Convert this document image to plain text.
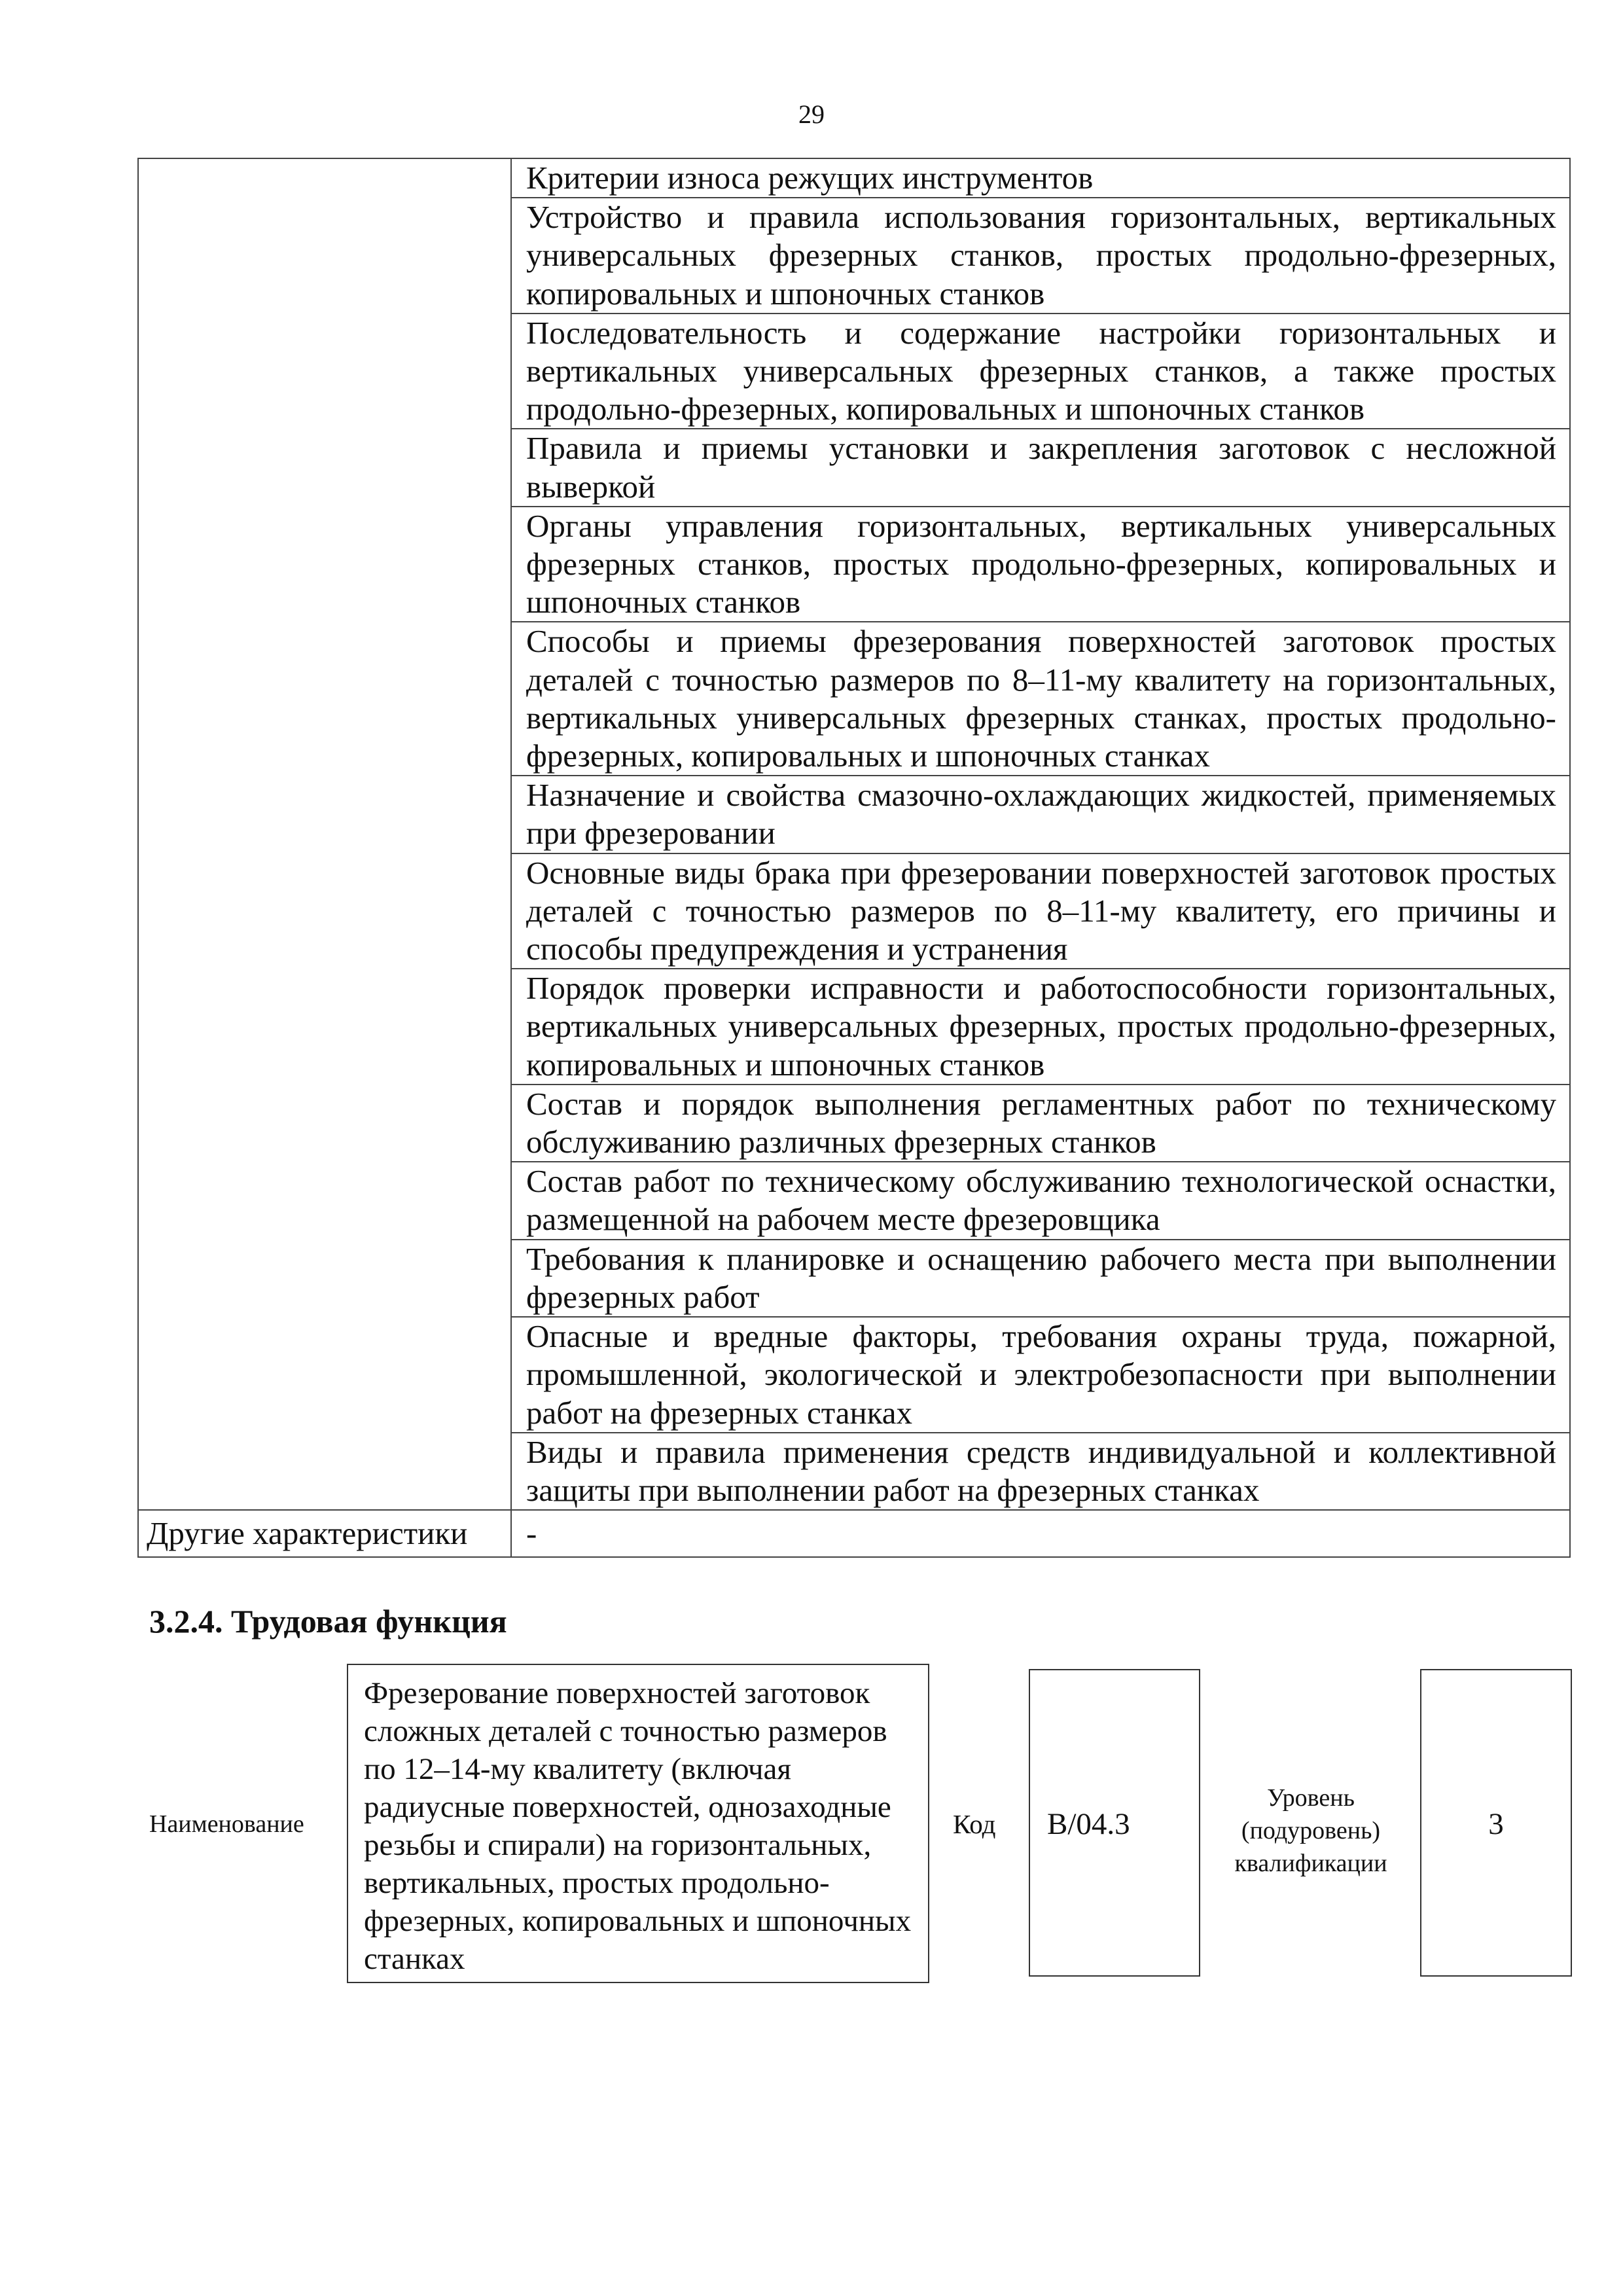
29

	Критерии износа режущих инструментов

	Устройство и правила использования горизонтальных, вертикальных универсальных фрезерных станков, простых продольно-фрезерных, копировальных и шпоночных станков

	Последовательность и содержание настройки горизонтальных и вертикальных универсальных фрезерных станков, а также простых продольно-фрезерных, копировальных и шпоночных станков

	Правила и приемы установки и закрепления заготовок с несложной выверкой

	Органы управления горизонтальных, вертикальных универсальных фрезерных станков, простых продольно-фрезерных, копировальных и шпоночных станков

	Способы и приемы фрезерования поверхностей заготовок простых деталей с точностью размеров по 8–11-му квалитету на горизонтальных, вертикальных универсальных фрезерных станках, простых продольно-фрезерных, копировальных и шпоночных станках

	Назначение и свойства смазочно-охлаждающих жидкостей, применяемых при фрезеровании

	Основные виды брака при фрезеровании поверхностей заготовок простых деталей с точностью размеров по 8–11-му квалитету, его причины и способы предупреждения и устранения

	Порядок проверки исправности и работоспособности горизонтальных, вертикальных универсальных фрезерных, простых продольно-фрезерных, копировальных и шпоночных станков

	Состав и порядок выполнения регламентных работ по техническому обслуживанию различных фрезерных станков

	Состав работ по техническому обслуживанию технологической оснастки, размещенной на рабочем месте фрезеровщика

	Требования к планировке и оснащению рабочего места при выполнении фрезерных работ

	Опасные и вредные факторы, требования охраны труда, пожарной, промышленной, экологической и электробезопасности при выполнении работ на фрезерных станках

	Виды и правила применения средств индивидуальной и коллективной защиты при выполнении работ на фрезерных станках

Другие характеристики	-
3.2.4. Трудовая функция
Наименование

Фрезерование поверхностей заготовок сложных деталей с точностью размеров по 12–14-му квалитету (включая радиусные поверхностей, однозаходные резьбы и спирали) на горизонтальных, вертикальных, простых продольно-фрезерных, копировальных и шпоночных станках

Код B/04.3
Уровень
(подуровень)
квалификации
3
